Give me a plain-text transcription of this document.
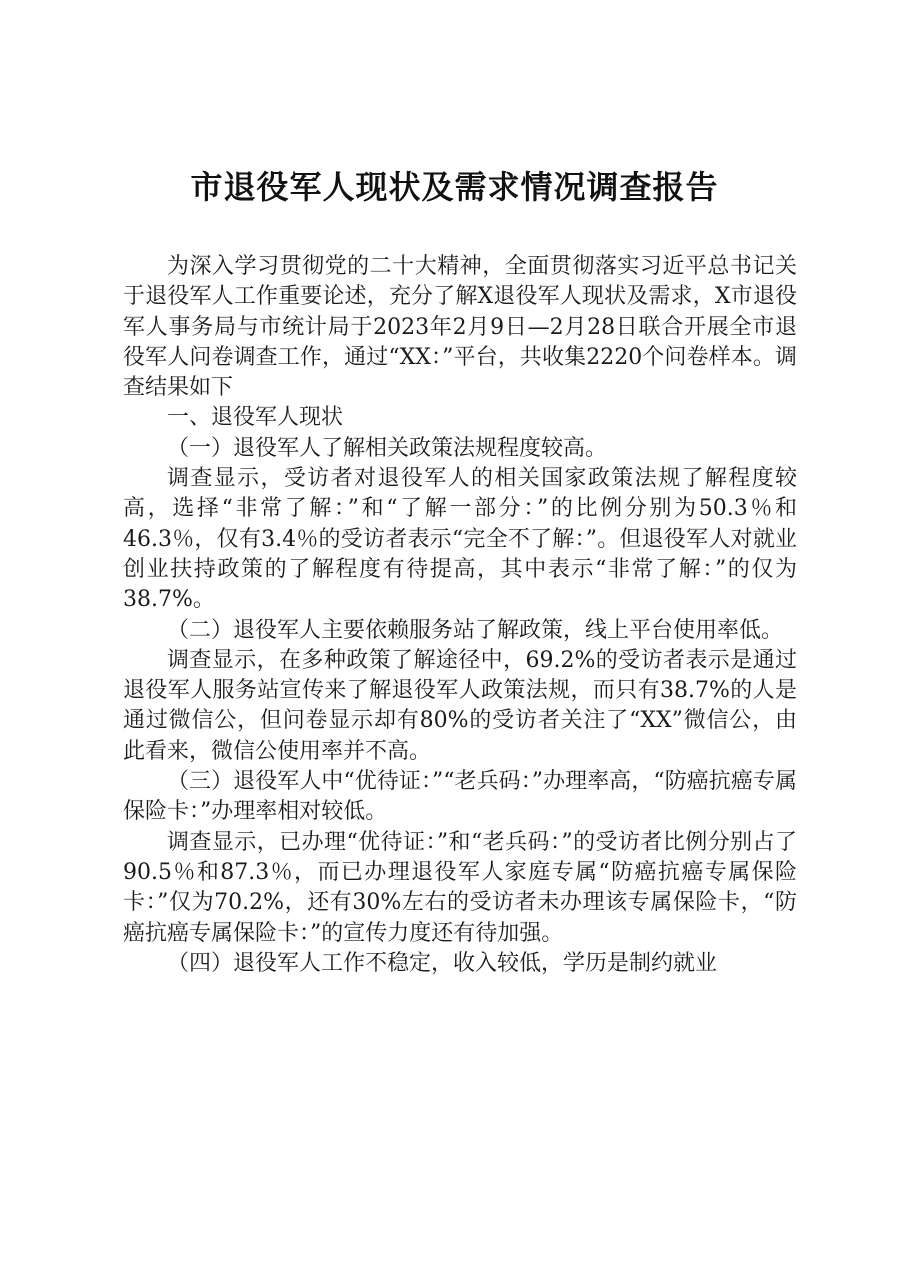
市退役军人现状及需求情况调查报告

为深入学习贯彻党的二十大精神，全面贯彻落实习近平总书记关于退役军人工作重要论述，充分了解X退役军人现状及需求，X市退役军人事务局与市统计局于2023年2月9日—2月28日联合开展全市退役军人问卷调查工作，通过“XX：”平台，共收集2220个问卷样本。调查结果如下

一、退役军人现状

（一）退役军人了解相关政策法规程度较高。

调查显示，受访者对退役军人的相关国家政策法规了解程度较高，选择“非常了解：”和“了解一部分：”的比例分别为50.3％和46.3％，仅有3.4％的受访者表示“完全不了解：”。但退役军人对就业创业扶持政策的了解程度有待提高，其中表示“非常了解：”的仅为38.7%。

（二）退役军人主要依赖服务站了解政策，线上平台使用率低。

调查显示，在多种政策了解途径中，69.2%的受访者表示是通过退役军人服务站宣传来了解退役军人政策法规，而只有38.7%的人是通过微信公，但问卷显示却有80%的受访者关注了“XX”微信公，由此看来，微信公使用率并不高。

（三）退役军人中“优待证：”“老兵码：”办理率高，“防癌抗癌专属保险卡：”办理率相对较低。

调查显示，已办理“优待证：”和“老兵码：”的受访者比例分别占了90.5％和87.3％，而已办理退役军人家庭专属“防癌抗癌专属保险卡：”仅为70.2%，还有30%左右的受访者未办理该专属保险卡，“防癌抗癌专属保险卡：”的宣传力度还有待加强。

（四）退役军人工作不稳定，收入较低，学历是制约就业
